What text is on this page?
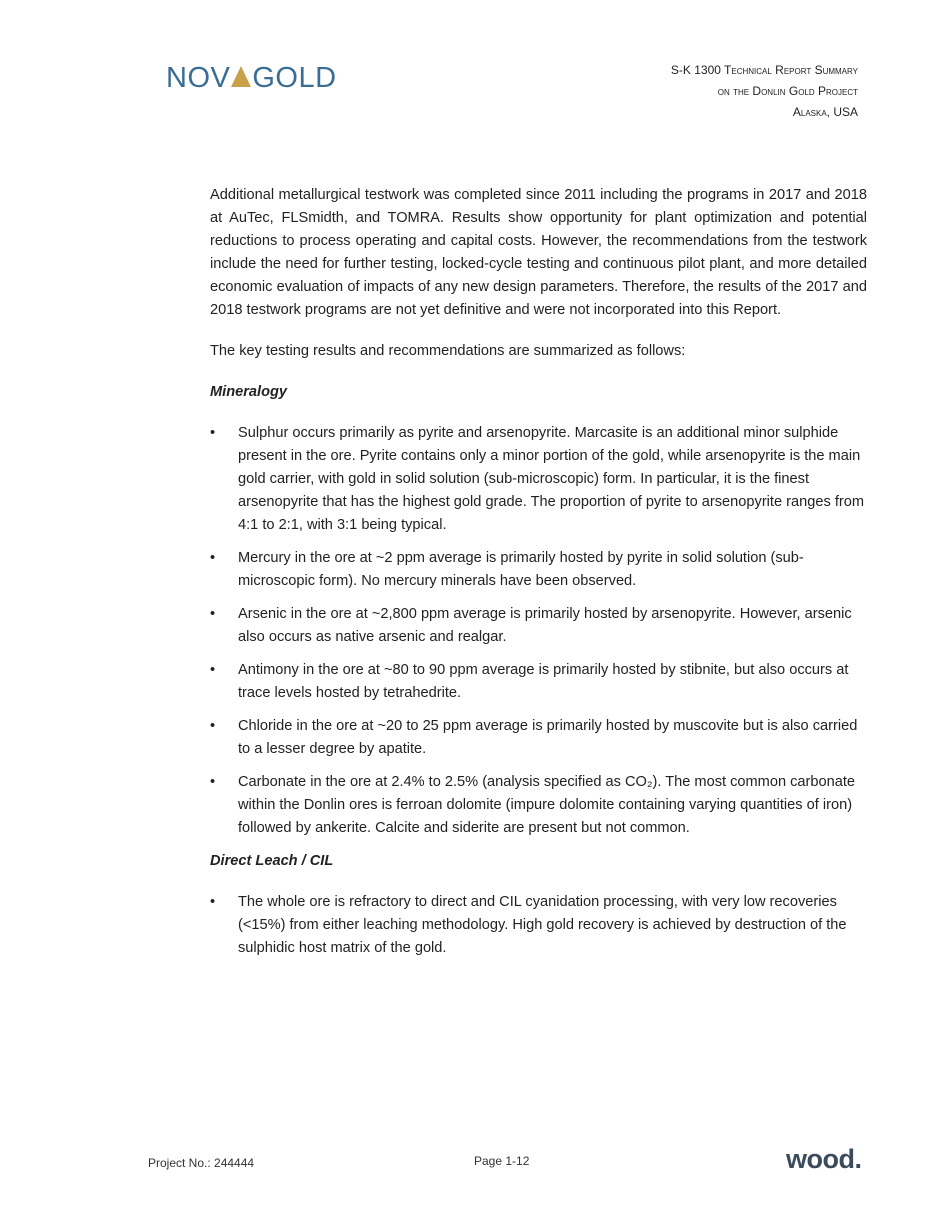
NOV GOLD	S-K 1300 Technical Report Summary
on the Donlin Gold Project
Alaska, USA

Additional metallurgical testwork was completed since 2011 including the programs in 2017 and 2018 at AuTec, FLSmidth, and TOMRA. Results show opportunity for plant optimization and potential reductions to process operating and capital costs. However, the recommendations from the testwork include the need for further testing, locked-cycle testing and continuous pilot plant, and more detailed economic evaluation of impacts of any new design parameters. Therefore, the results of the 2017 and 2018 testwork programs are not yet definitive and were not incorporated into this Report.

The key testing results and recommendations are summarized as follows:

Mineralogy
• Sulphur occurs primarily as pyrite and arsenopyrite. Marcasite is an additional minor sulphide present in the ore. Pyrite contains only a minor portion of the gold, while arsenopyrite is the main gold carrier, with gold in solid solution (sub-microscopic) form. In particular, it is the finest arsenopyrite that has the highest gold grade. The proportion of pyrite to arsenopyrite ranges from 4:1 to 2:1, with 3:1 being typical.
• Mercury in the ore at ~2 ppm average is primarily hosted by pyrite in solid solution (sub-microscopic form). No mercury minerals have been observed.
• Arsenic in the ore at ~2,800 ppm average is primarily hosted by arsenopyrite. However, arsenic also occurs as native arsenic and realgar.
• Antimony in the ore at ~80 to 90 ppm average is primarily hosted by stibnite, but also occurs at trace levels hosted by tetrahedrite.
• Chloride in the ore at ~20 to 25 ppm average is primarily hosted by muscovite but is also carried to a lesser degree by apatite.
• Carbonate in the ore at 2.4% to 2.5% (analysis specified as CO₂). The most common carbonate within the Donlin ores is ferroan dolomite (impure dolomite containing varying quantities of iron) followed by ankerite. Calcite and siderite are present but not common.
Direct Leach / CIL
• The whole ore is refractory to direct and CIL cyanidation processing, with very low recoveries (<15%) from either leaching methodology. High gold recovery is achieved by destruction of the sulphidic host matrix of the gold.
Project No.: 244444	Page 1-12	wood.
